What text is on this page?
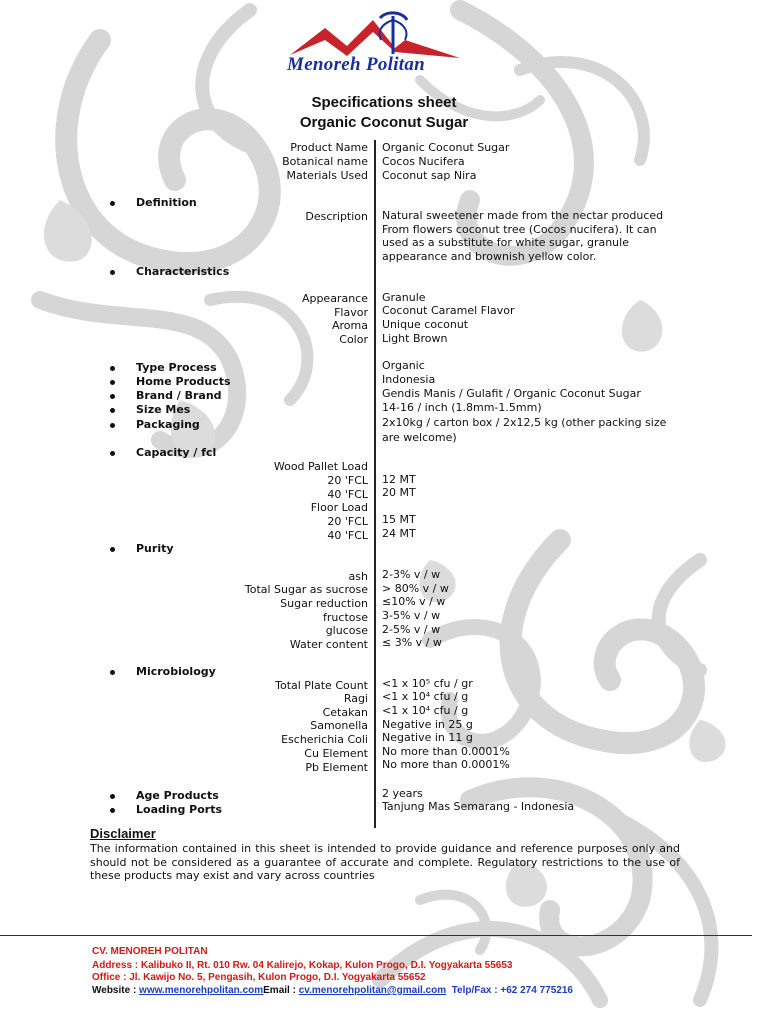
Menoreh Politan
Specifications sheet
Organic Coconut Sugar
Product Name Organic Coconut Sugar
Botanical name Cocos Nucifera
Materials Used Coconut sap Nira
Definition
Description Natural sweetener made from the nectar produced From flowers coconut tree (Cocos nucifera). It can used as a substitute for white sugar, granule appearance and brownish yellow color.
Characteristics
Appearance Granule
Flavor Coconut Caramel Flavor
Aroma Unique coconut
Color Light Brown
Type Process	Organic
Home Products	Indonesia
Brand / Brand	Gendis Manis / Gulafit / Organic Coconut Sugar
Size Mes	14-16 / inch (1.8mm-1.5mm)
Packaging	2x10kg / carton box / 2x12,5 kg (other packing size are welcome)
Capacity / fcl
Wood Pallet Load
20 'FCL 12 MT
40 'FCL 20 MT
Floor Load
20 'FCL 15 MT
40 'FCL 24 MT
Purity
ash 2-3% v / w
Total Sugar as sucrose > 80% v / w
Sugar reduction ≤10% v / w
fructose 3-5% v / w
glucose 2-5% v / w
Water content ≤ 3% v / w
Microbiology
Total Plate Count <1 x 10⁵ cfu / gr
Ragi <1 x 10⁴ cfu / g
Cetakan <1 x 10⁴ cfu / g
Samonella Negative in 25 g
Escherichia Coli Negative in 11 g
Cu Element No more than 0.0001%
Pb Element No more than 0.0001%
Age Products	2 years
Loading Ports	Tanjung Mas Semarang - Indonesia
Disclaimer
The information contained in this sheet is intended to provide guidance and reference purposes only and should not be considered as a guarantee of accurate and complete. Regulatory restrictions to the use of these products may exist and vary across countries
CV. MENOREH POLITAN
Address : Kalibuko II, Rt. 010 Rw. 04 Kalirejo, Kokap, Kulon Progo, D.I. Yogyakarta 55653
Office : Jl. Kawijo No. 5, Pengasih, Kulon Progo, D.I. Yogyakarta 55652
Website : www.menorehpolitan.comEmail : cv.menorehpolitan@gmail.com Telp/Fax : +62 274 775216
